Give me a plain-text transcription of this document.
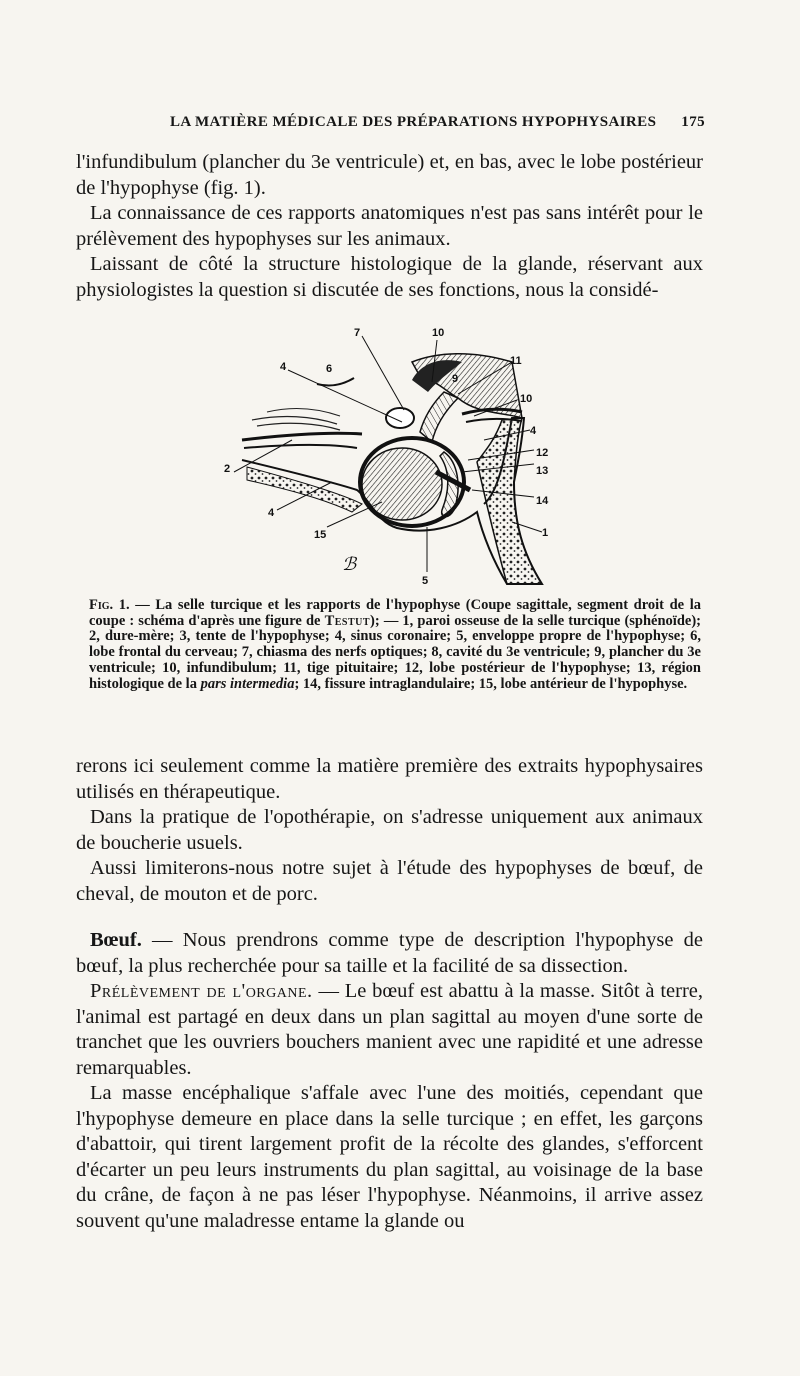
LA MATIÈRE MÉDICALE DES PRÉPARATIONS HYPOPHYSAIRES 175

l'infundibulum (plancher du 3e ventricule) et, en bas, avec le lobe postérieur de l'hypophyse (fig. 1).

La connaissance de ces rapports anatomiques n'est pas sans intérêt pour le prélèvement des hypophyses sur les animaux.

Laissant de côté la structure histologique de la glande, réservant aux physiologistes la question si discutée de ses fonctions, nous la considé-

ℬ
7	10
11
4	6
9
10
4
12
13
14
1
2
4
15
5
Fig. 1. — La selle turcique et les rapports de l'hypophyse (Coupe sagittale, segment droit de la coupe : schéma d'après une figure de Testut); — 1, paroi osseuse de la selle turcique (sphénoïde); 2, dure-mère; 3, tente de l'hypophyse; 4, sinus coronaire; 5, enveloppe propre de l'hypophyse; 6, lobe frontal du cerveau; 7, chiasma des nerfs optiques; 8, cavité du 3e ventricule; 9, plancher du 3e ventricule; 10, infundibulum; 11, tige pituitaire; 12, lobe postérieur de l'hypophyse; 13, région histologique de la pars intermedia; 14, fissure intraglandulaire; 15, lobe antérieur de l'hypophyse.

rerons ici seulement comme la matière première des extraits hypophysaires utilisés en thérapeutique.

Dans la pratique de l'opothérapie, on s'adresse uniquement aux animaux de boucherie usuels.

Aussi limiterons-nous notre sujet à l'étude des hypophyses de bœuf, de cheval, de mouton et de porc.

Bœuf. — Nous prendrons comme type de description l'hypophyse de bœuf, la plus recherchée pour sa taille et la facilité de sa dissection.

Prélèvement de l'organe. — Le bœuf est abattu à la masse. Sitôt à terre, l'animal est partagé en deux dans un plan sagittal au moyen d'une sorte de tranchet que les ouvriers bouchers manient avec une rapidité et une adresse remarquables.

La masse encéphalique s'affale avec l'une des moitiés, cependant que l'hypophyse demeure en place dans la selle turcique ; en effet, les garçons d'abattoir, qui tirent largement profit de la récolte des glandes, s'efforcent d'écarter un peu leurs instruments du plan sagittal, au voisinage de la base du crâne, de façon à ne pas léser l'hypophyse. Néanmoins, il arrive assez souvent qu'une maladresse entame la glande ou
